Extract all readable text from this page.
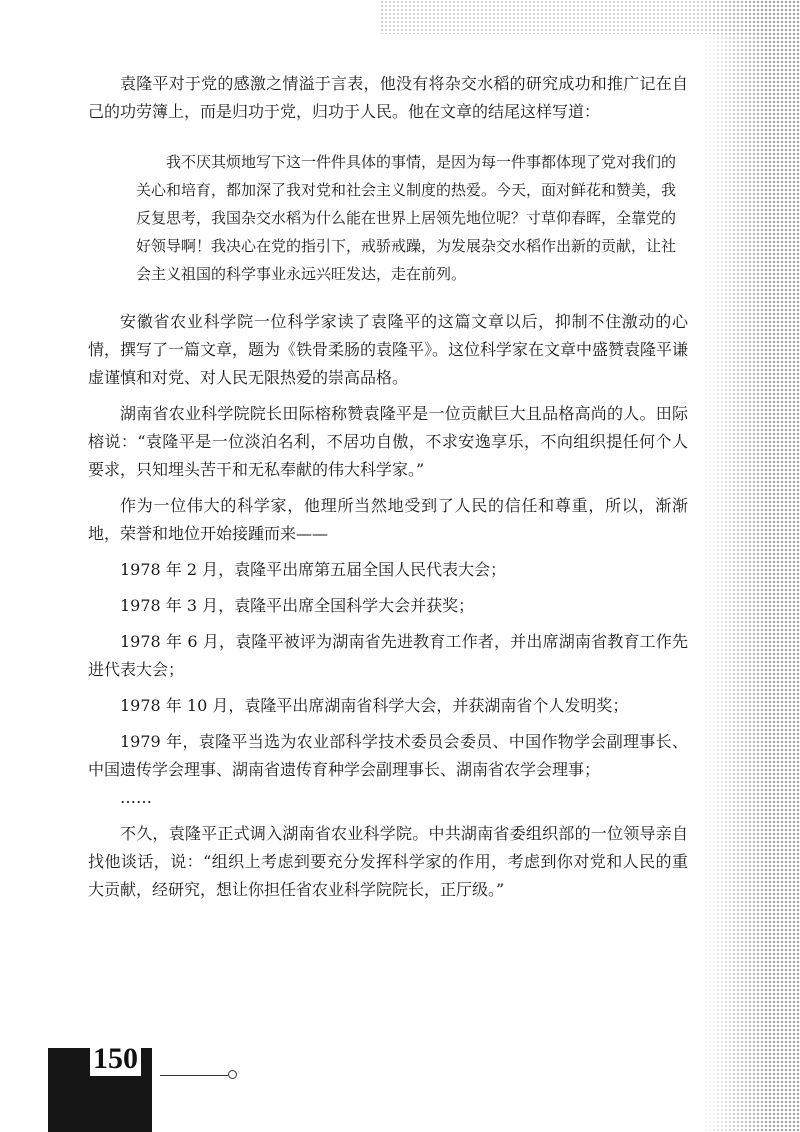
袁隆平对于党的感激之情溢于言表，他没有将杂交水稻的研究成功和推广记在自己的功劳簿上，而是归功于党，归功于人民。他在文章的结尾这样写道：

我不厌其烦地写下这一件件具体的事情，是因为每一件事都体现了党对我们的关心和培育，都加深了我对党和社会主义制度的热爱。今天，面对鲜花和赞美，我反复思考，我国杂交水稻为什么能在世界上居领先地位呢？寸草仰春晖，全靠党的好领导啊！我决心在党的指引下，戒骄戒躁，为发展杂交水稻作出新的贡献，让社会主义祖国的科学事业永远兴旺发达，走在前列。

安徽省农业科学院一位科学家读了袁隆平的这篇文章以后，抑制不住激动的心情，撰写了一篇文章，题为《铁骨柔肠的袁隆平》。这位科学家在文章中盛赞袁隆平谦虚谨慎和对党、对人民无限热爱的崇高品格。

湖南省农业科学院院长田际榕称赞袁隆平是一位贡献巨大且品格高尚的人。田际榕说：“袁隆平是一位淡泊名利，不居功自傲，不求安逸享乐，不向组织提任何个人要求，只知埋头苦干和无私奉献的伟大科学家。”

作为一位伟大的科学家，他理所当然地受到了人民的信任和尊重，所以，渐渐地，荣誉和地位开始接踵而来——

1978 年 2 月，袁隆平出席第五届全国人民代表大会；

1978 年 3 月，袁隆平出席全国科学大会并获奖；

1978 年 6 月，袁隆平被评为湖南省先进教育工作者，并出席湖南省教育工作先进代表大会；

1978 年 10 月，袁隆平出席湖南省科学大会，并获湖南省个人发明奖；

1979 年，袁隆平当选为农业部科学技术委员会委员、中国作物学会副理事长、中国遗传学会理事、湖南省遗传育种学会副理事长、湖南省农学会理事；

……

不久，袁隆平正式调入湖南省农业科学院。中共湖南省委组织部的一位领导亲自找他谈话，说：“组织上考虑到要充分发挥科学家的作用，考虑到你对党和人民的重大贡献，经研究，想让你担任省农业科学院院长，正厅级。”

150
